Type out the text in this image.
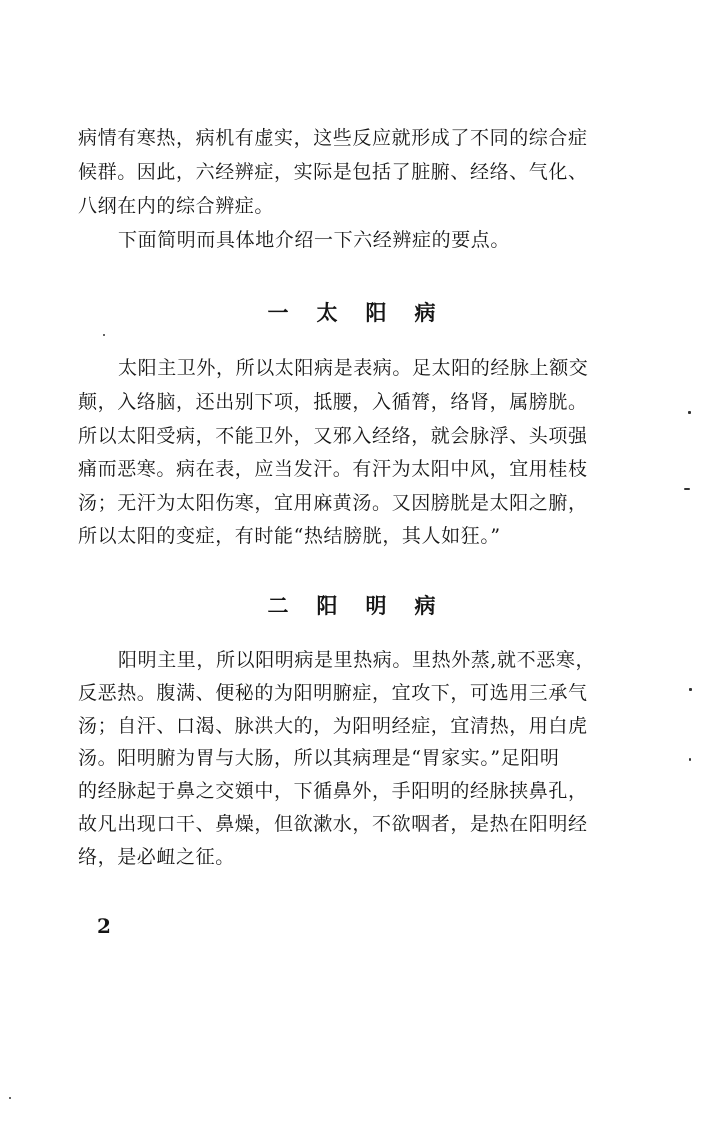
病情有寒热，病机有虚实，这些反应就形成了不同的综合症
候群。因此，六经辨症，实际是包括了脏腑、经络、气化、
八纲在内的综合辨症。
下面简明而具体地介绍一下六经辨症的要点。
一 太 阳 病
太阳主卫外，所以太阳病是表病。足太阳的经脉上额交
颠，入络脑，还出别下项，抵腰，入循膂，络肾，属膀胱。
所以太阳受病，不能卫外，又邪入经络，就会脉浮、头项强
痛而恶寒。病在表，应当发汗。有汗为太阳中风，宜用桂枝
汤；无汗为太阳伤寒，宜用麻黄汤。又因膀胱是太阳之腑，
所以太阳的变症，有时能“热结膀胱，其人如狂。”
二 阳 明 病
阳明主里，所以阳明病是里热病。里热外蒸,就不恶寒，
反恶热。腹满、便秘的为阳明腑症，宜攻下，可选用三承气
汤；自汗、口渴、脉洪大的，为阳明经症，宜清热，用白虎
汤。阳明腑为胃与大肠，所以其病理是“胃家实。”足阳明
的经脉起于鼻之交頞中，下循鼻外，手阳明的经脉挟鼻孔，
故凡出现口干、鼻燥，但欲漱水，不欲咽者，是热在阳明经
络，是必衄之征。
2
